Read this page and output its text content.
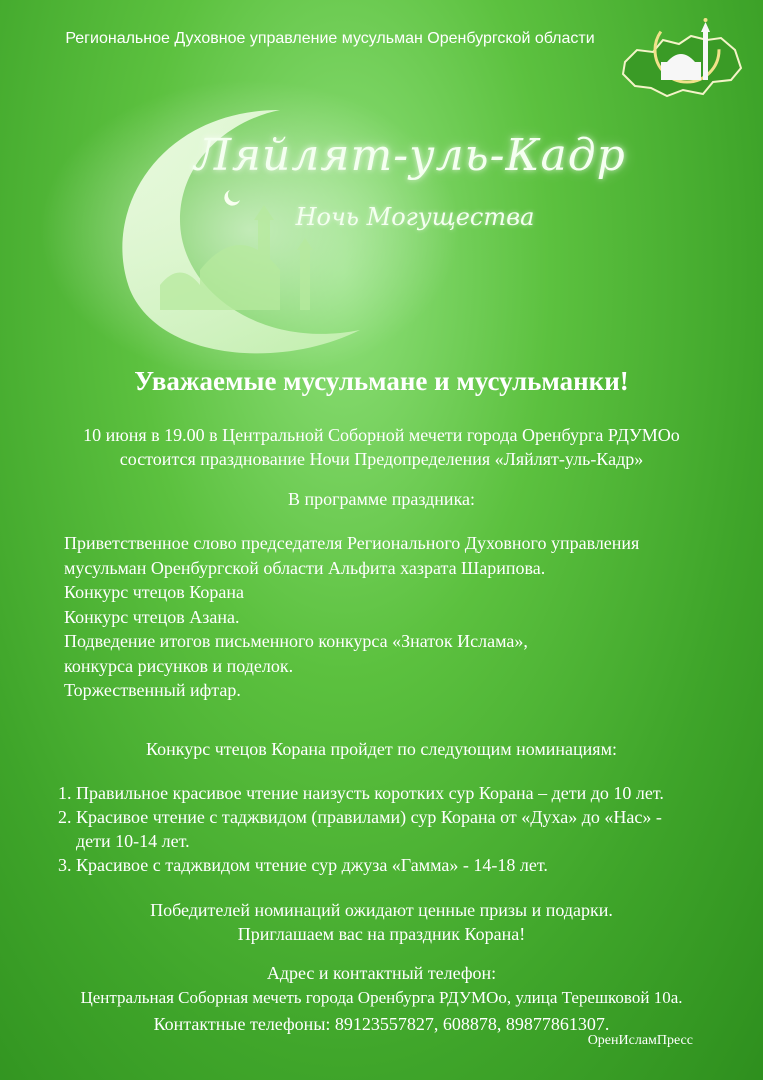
Региональное Духовное управление мусульман Оренбургской области
Ляйлят-уль-Кадр
Ночь Могущества
Уважаемые мусульмане и мусульманки!
10 июня в 19.00 в Центральной Соборной мечети города Оренбурга РДУМОо
состоится празднование Ночи Предопределения «Ляйлят-уль-Кадр»
В программе праздника:
Приветственное слово председателя Регионального Духовного управления
мусульман Оренбургской области Альфита хазрата Шарипова.
Конкурс чтецов Корана
Конкурс чтецов Азана.
Подведение итогов письменного конкурса «Знаток Ислама»,
конкурса рисунков и поделок.
Торжественный ифтар.
Конкурс чтецов Корана пройдет по следующим номинациям:
1. Правильное красивое чтение наизусть коротких сур Корана – дети до 10 лет.
2. Красивое чтение с таджвидом (правилами) сур Корана от «Духа» до «Нас» -
дети 10-14 лет.
3. Красивое с таджвидом чтение сур джуза «Гамма» - 14-18 лет.
Победителей номинаций ожидают ценные призы и подарки.
Приглашаем вас на праздник Корана!
Адрес и контактный телефон:
Центральная Соборная мечеть города Оренбурга РДУМОо, улица Терешковой 10а.
Контактные телефоны: 89123557827, 608878, 89877861307.
ОренИсламПресс
